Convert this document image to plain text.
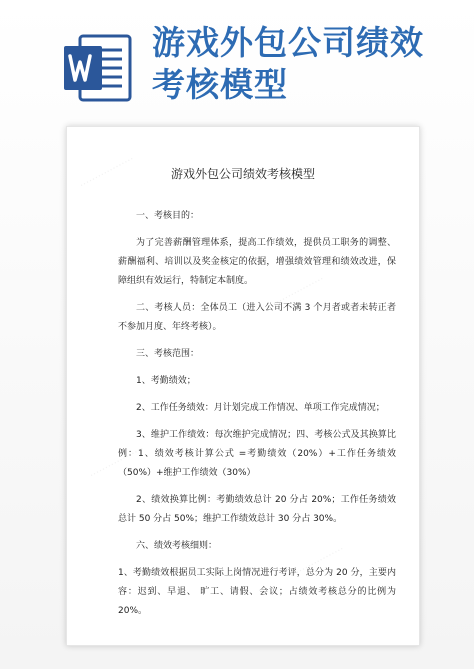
游戏外包公司绩效考核模型
⋯⋯⋯⋯⋯⋯
⋯⋯⋯⋯⋯⋯
⋯⋯⋯⋯⋯⋯
⋯⋯⋯⋯⋯⋯
游戏外包公司绩效考核模型
一、考核目的：
为了完善薪酬管理体系，提高工作绩效，提供员工职务的调整、薪酬福利、培训以及奖金核定的依据，增强绩效管理和绩效改进，保障组织有效运行，特制定本制度。
二、考核人员：全体员工（进入公司不满 3 个月者或者未转正者不参加月度、年终考核）。
三、考核范围：
1、考勤绩效；
2、工作任务绩效：月计划完成工作情况、单项工作完成情况；
3、维护工作绩效：每次维护完成情况；四、考核公式及其换算比例：1、绩效考核计算公式 =考勤绩效（20%）+工作任务绩效（50%）+维护工作绩效（30%）
2、绩效换算比例：考勤绩效总计 20 分占 20%；工作任务绩效总计 50 分占 50%；维护工作绩效总计 30 分占 30%。
六、绩效考核细则：
1、考勤绩效根据员工实际上岗情况进行考评，总分为 20 分，主要内容：迟到、早退、 旷工、请假、会议；占绩效考核总分的比例为 20%。
